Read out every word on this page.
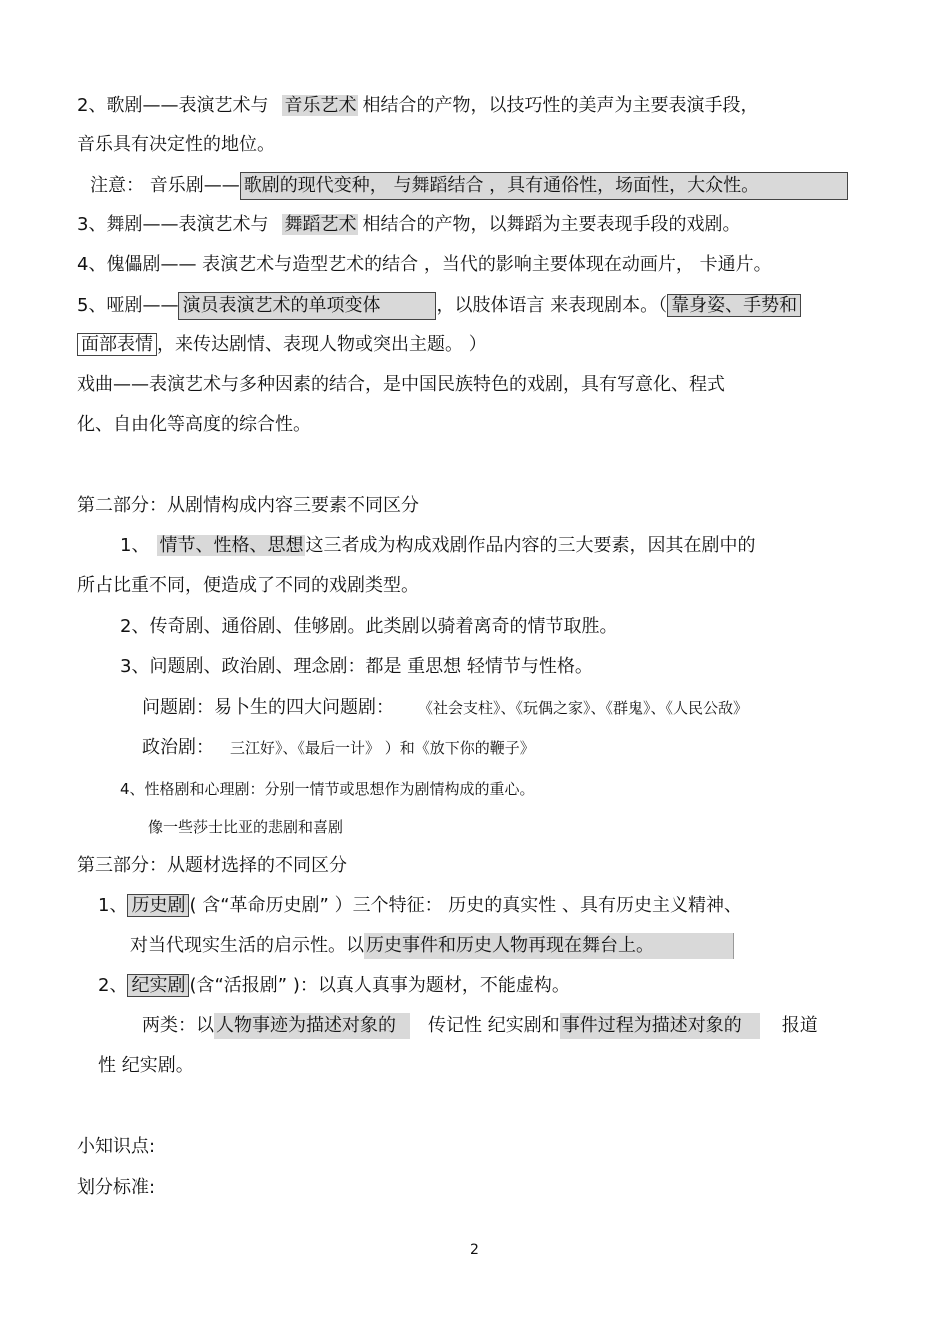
2、歌剧——表演艺术与 音乐艺术 相结合的产物，以技巧性的美声为主要表演手段，
音乐具有决定性的地位。
注意： 音乐剧—— 歌剧的现代变种， 与舞蹈结合 ，具有通俗性，场面性，大众性。
3、舞剧——表演艺术与 舞蹈艺术 相结合的产物，以舞蹈为主要表现手段的戏剧。
4、傀儡剧—— 表演艺术与造型艺术的结合 ，当代的影响主要体现在动画片， 卡通片。
5、哑剧—— 演员表演艺术的单项变体	，以肢体语言 来表现剧本。（ 靠身姿、手势和
面部表情 ，来传达剧情、表现人物或突出主题。 ）
戏曲——表演艺术与多种因素的结合，是中国民族特色的戏剧，具有写意化、程式
化、自由化等高度的综合性。
第二部分：从剧情构成内容三要素不同区分
1、 情节、性格、思想 这三者成为构成戏剧作品内容的三大要素，因其在剧中的
所占比重不同，便造成了不同的戏剧类型。
2、传奇剧、通俗剧、佳够剧。此类剧以骑着离奇的情节取胜。
3、问题剧、政治剧、理念剧：都是 重思想 轻情节与性格。
问题剧：易卜生的四大问题剧： 《社会支柱》、《玩偶之家》、《群鬼》、《人民公敌》
政治剧： 三江好》、《最后一计》 ）和《放下你的鞭子》
4、性格剧和心理剧：分别一情节或思想作为剧情构成的重心。
像一些莎士比亚的悲剧和喜剧
第三部分：从题材选择的不同区分
1、 历史剧 ( 含“革命历史剧” ）三个特征： 历史的真实性 、具有历史主义精神、
对当代现实生活的启示性。以 历史事件和历史人物再现在舞台上。
2、 纪实剧 (含“活报剧” )：以真人真事为题材，不能虚构。
两类：以 人物事迹为描述对象的 传记性 纪实剧和 事件过程为描述对象的 报道
性 纪实剧。
小知识点:
划分标准:
2
